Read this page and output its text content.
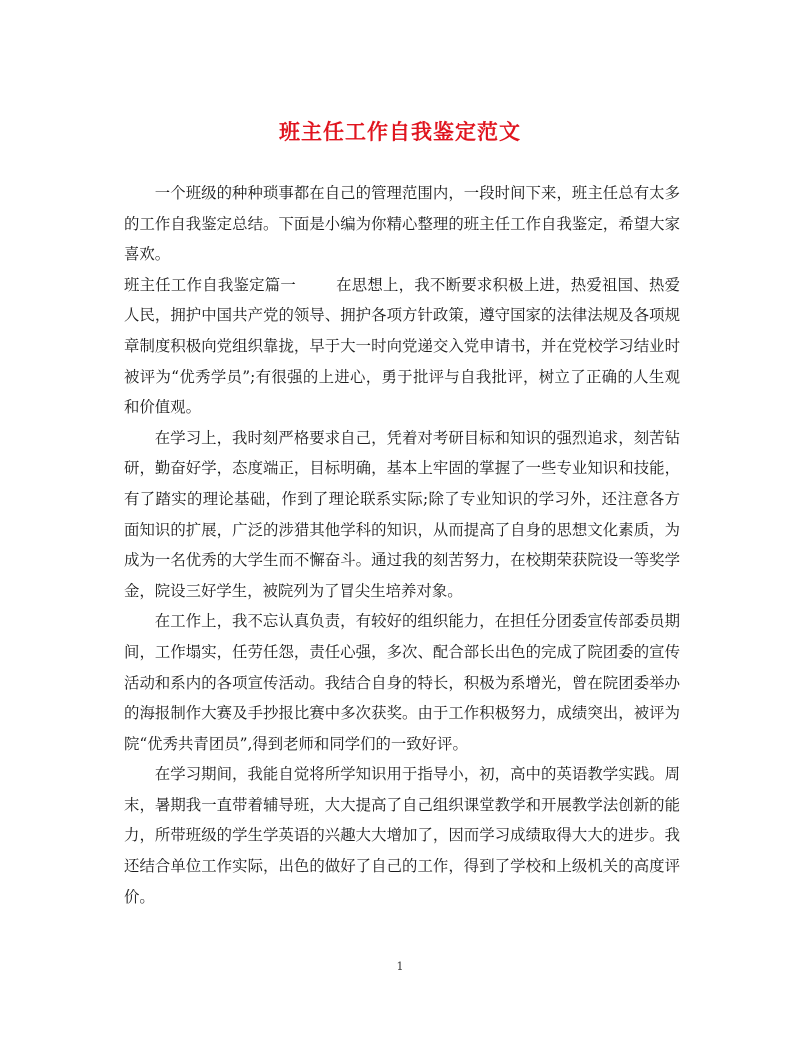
班主任工作自我鉴定范文

一个班级的种种琐事都在自己的管理范围内，一段时间下来，班主任总有太多的工作自我鉴定总结。下面是小编为你精心整理的班主任工作自我鉴定，希望大家喜欢。

班主任工作自我鉴定篇一	在思想上，我不断要求积极上进，热爱祖国、热爱人民，拥护中国共产党的领导、拥护各项方针政策，遵守国家的法律法规及各项规章制度积极向党组织靠拢，早于大一时向党递交入党申请书，并在党校学习结业时被评为“优秀学员”;有很强的上进心，勇于批评与自我批评，树立了正确的人生观和价值观。

在学习上，我时刻严格要求自己，凭着对考研目标和知识的强烈追求，刻苦钻研，勤奋好学，态度端正，目标明确，基本上牢固的掌握了一些专业知识和技能，有了踏实的理论基础，作到了理论联系实际;除了专业知识的学习外，还注意各方面知识的扩展，广泛的涉猎其他学科的知识，从而提高了自身的思想文化素质，为成为一名优秀的大学生而不懈奋斗。通过我的刻苦努力，在校期荣获院设一等奖学金，院设三好学生，被院列为了冒尖生培养对象。

在工作上，我不忘认真负责，有较好的组织能力，在担任分团委宣传部委员期间，工作塌实，任劳任怨，责任心强，多次、配合部长出色的完成了院团委的宣传活动和系内的各项宣传活动。我结合自身的特长，积极为系增光，曾在院团委举办的海报制作大赛及手抄报比赛中多次获奖。由于工作积极努力，成绩突出，被评为院“优秀共青团员”,得到老师和同学们的一致好评。

在学习期间，我能自觉将所学知识用于指导小，初，高中的英语教学实践。周末，暑期我一直带着辅导班，大大提高了自己组织课堂教学和开展教学法创新的能力，所带班级的学生学英语的兴趣大大增加了，因而学习成绩取得大大的进步。我还结合单位工作实际，出色的做好了自己的工作，得到了学校和上级机关的高度评价。

1
